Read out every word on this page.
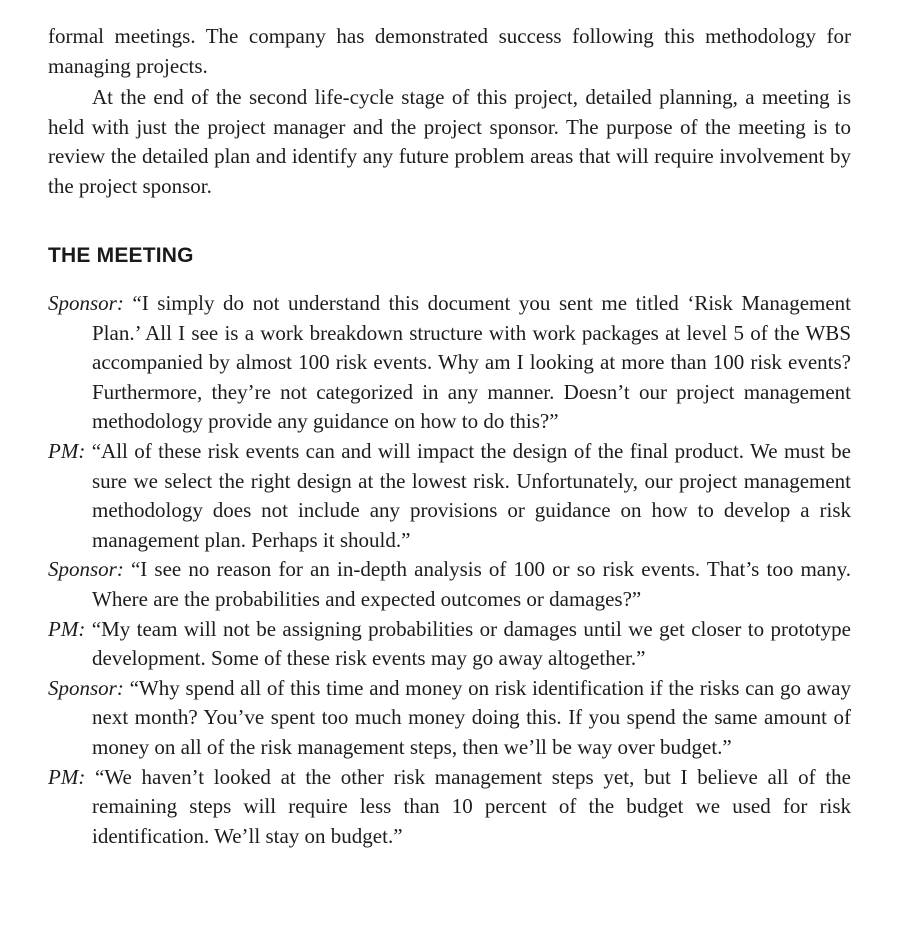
formal meetings. The company has demonstrated success following this methodology for managing projects.

At the end of the second life-cycle stage of this project, detailed planning, a meeting is held with just the project manager and the project sponsor. The purpose of the meeting is to review the detailed plan and identify any future problem areas that will require involvement by the project sponsor.

THE MEETING

Sponsor: “I simply do not understand this document you sent me titled ‘Risk Management Plan.’ All I see is a work breakdown structure with work packages at level 5 of the WBS accompanied by almost 100 risk events. Why am I looking at more than 100 risk events? Furthermore, they’re not categorized in any manner. Doesn’t our project management methodology provide any guidance on how to do this?”

PM: “All of these risk events can and will impact the design of the final product. We must be sure we select the right design at the lowest risk. Unfortunately, our project management methodology does not include any provisions or guidance on how to develop a risk management plan. Perhaps it should.”

Sponsor: “I see no reason for an in-depth analysis of 100 or so risk events. That’s too many. Where are the probabilities and expected outcomes or damages?”

PM: “My team will not be assigning probabilities or damages until we get closer to prototype development. Some of these risk events may go away altogether.”

Sponsor: “Why spend all of this time and money on risk identification if the risks can go away next month? You’ve spent too much money doing this. If you spend the same amount of money on all of the risk management steps, then we’ll be way over budget.”

PM: “We haven’t looked at the other risk management steps yet, but I believe all of the remaining steps will require less than 10 percent of the budget we used for risk identification. We’ll stay on budget.”
